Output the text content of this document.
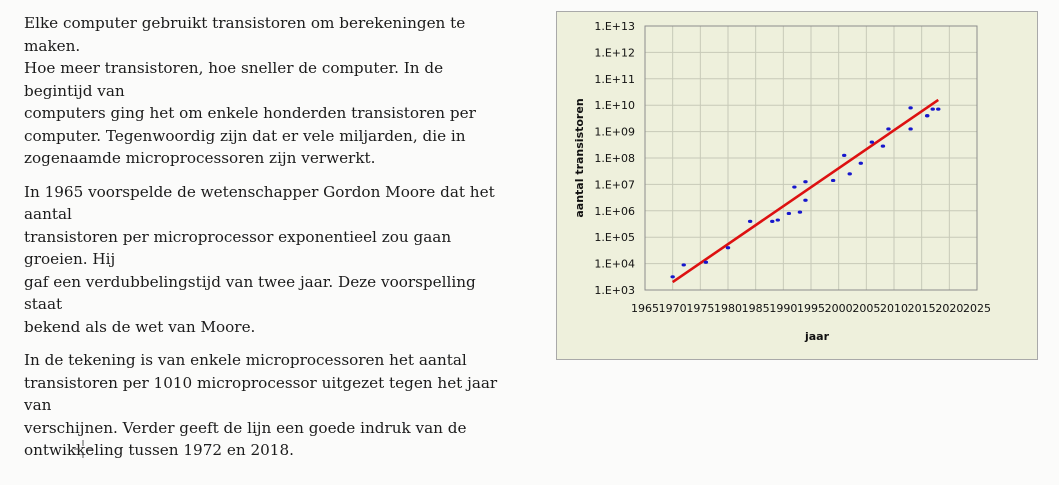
Elke computer gebruikt transistoren om berekeningen te maken.
Hoe meer transistoren, hoe sneller de computer. In de begintijd van
computers ging het om enkele honderden transistoren per
computer. Tegenwoordig zijn dat er vele miljarden, die in
zogenaamde microprocessoren zijn verwerkt.

In 1965 voorspelde de wetenschapper Gordon Moore dat het aantal
transistoren per microprocessor exponentieel zou gaan groeien. Hij
gaf een verdubbelingstijd van twee jaar. Deze voorspelling staat
bekend als de wet van Moore.

In de tekening is van enkele microprocessoren het aantal
transistoren per 1010 microprocessor uitgezet tegen het jaar van
verschijnen. Verder geeft de lijn een goede indruk van de
ontwikkeling tussen 1972 en 2018.

1965 1970 1975 1980 1985 1990 1995 2000 2005 2010 2015 2020 2025
1.E+03
1.E+04
1.E+05
1.E+06
1.E+07
1.E+08
1.E+09
1.E+10
1.E+11
1.E+12
1.E+13
jaar
aantal transistoren
